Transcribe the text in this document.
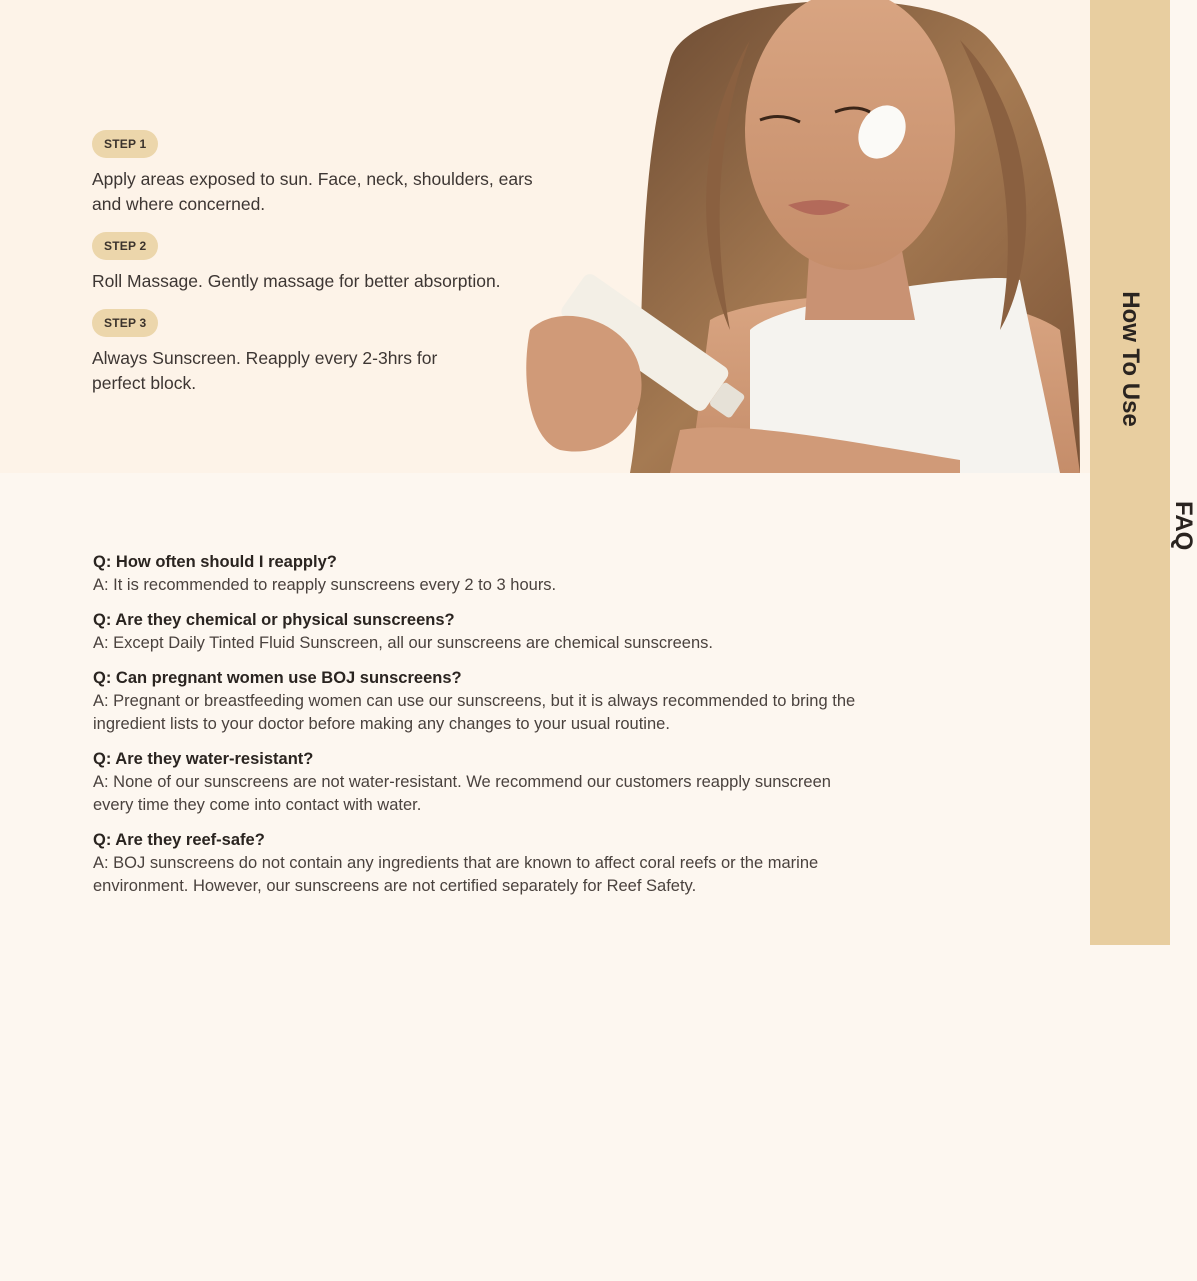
STEP 1

Apply areas exposed to sun. Face, neck, shoulders, ears and where concerned.

STEP 2

Roll Massage. Gently massage for better absorption.

STEP 3

Always Sunscreen. Reapply every 2-3hrs for perfect block.	How To Use
FAQ

Q: How often should I reapply?

A: It is recommended to reapply sunscreens every 2 to 3 hours.

Q: Are they chemical or physical sunscreens?

A: Except Daily Tinted Fluid Sunscreen, all our sunscreens are chemical sunscreens.

Q: Can pregnant women use BOJ sunscreens?

A: Pregnant or breastfeeding women can use our sunscreens, but it is always recommended to bring the ingredient lists to your doctor before making any changes to your usual routine.

Q: Are they water-resistant?

A: None of our sunscreens are not water-resistant. We recommend our customers reapply sunscreen every time they come into contact with water.

Q: Are they reef-safe?

A: BOJ sunscreens do not contain any ingredients that are known to affect coral reefs or the marine environment. However, our sunscreens are not certified separately for Reef Safety.
